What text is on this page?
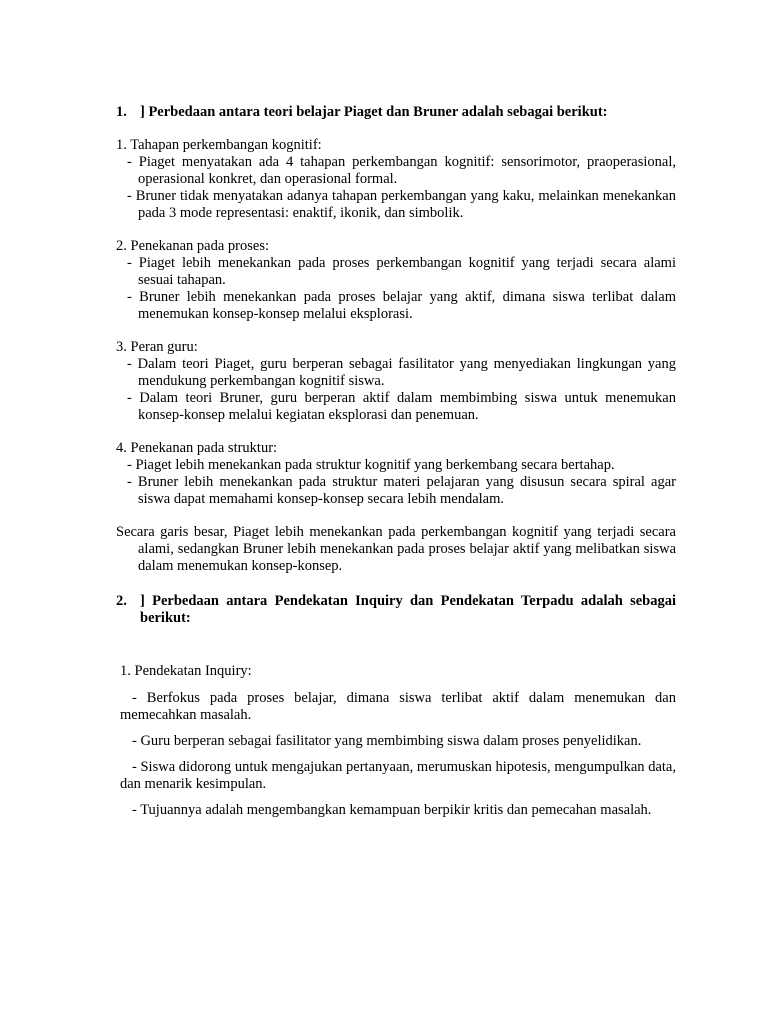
1. ] Perbedaan antara teori belajar Piaget dan Bruner adalah sebagai berikut:
1. Tahapan perkembangan kognitif:
- Piaget menyatakan ada 4 tahapan perkembangan kognitif: sensorimotor, praoperasional, operasional konkret, dan operasional formal.
- Bruner tidak menyatakan adanya tahapan perkembangan yang kaku, melainkan menekankan pada 3 mode representasi: enaktif, ikonik, dan simbolik.
2. Penekanan pada proses:
- Piaget lebih menekankan pada proses perkembangan kognitif yang terjadi secara alami sesuai tahapan.
- Bruner lebih menekankan pada proses belajar yang aktif, dimana siswa terlibat dalam menemukan konsep-konsep melalui eksplorasi.
3. Peran guru:
- Dalam teori Piaget, guru berperan sebagai fasilitator yang menyediakan lingkungan yang mendukung perkembangan kognitif siswa.
- Dalam teori Bruner, guru berperan aktif dalam membimbing siswa untuk menemukan konsep-konsep melalui kegiatan eksplorasi dan penemuan.
4. Penekanan pada struktur:
- Piaget lebih menekankan pada struktur kognitif yang berkembang secara bertahap.
- Bruner lebih menekankan pada struktur materi pelajaran yang disusun secara spiral agar siswa dapat memahami konsep-konsep secara lebih mendalam.
Secara garis besar, Piaget lebih menekankan pada perkembangan kognitif yang terjadi secara alami, sedangkan Bruner lebih menekankan pada proses belajar aktif yang melibatkan siswa dalam menemukan konsep-konsep.
2. ] Perbedaan antara Pendekatan Inquiry dan Pendekatan Terpadu adalah sebagai berikut:
1. Pendekatan Inquiry:
- Berfokus pada proses belajar, dimana siswa terlibat aktif dalam menemukan dan memecahkan masalah.
- Guru berperan sebagai fasilitator yang membimbing siswa dalam proses penyelidikan.
- Siswa didorong untuk mengajukan pertanyaan, merumuskan hipotesis, mengumpulkan data, dan menarik kesimpulan.
- Tujuannya adalah mengembangkan kemampuan berpikir kritis dan pemecahan masalah.
